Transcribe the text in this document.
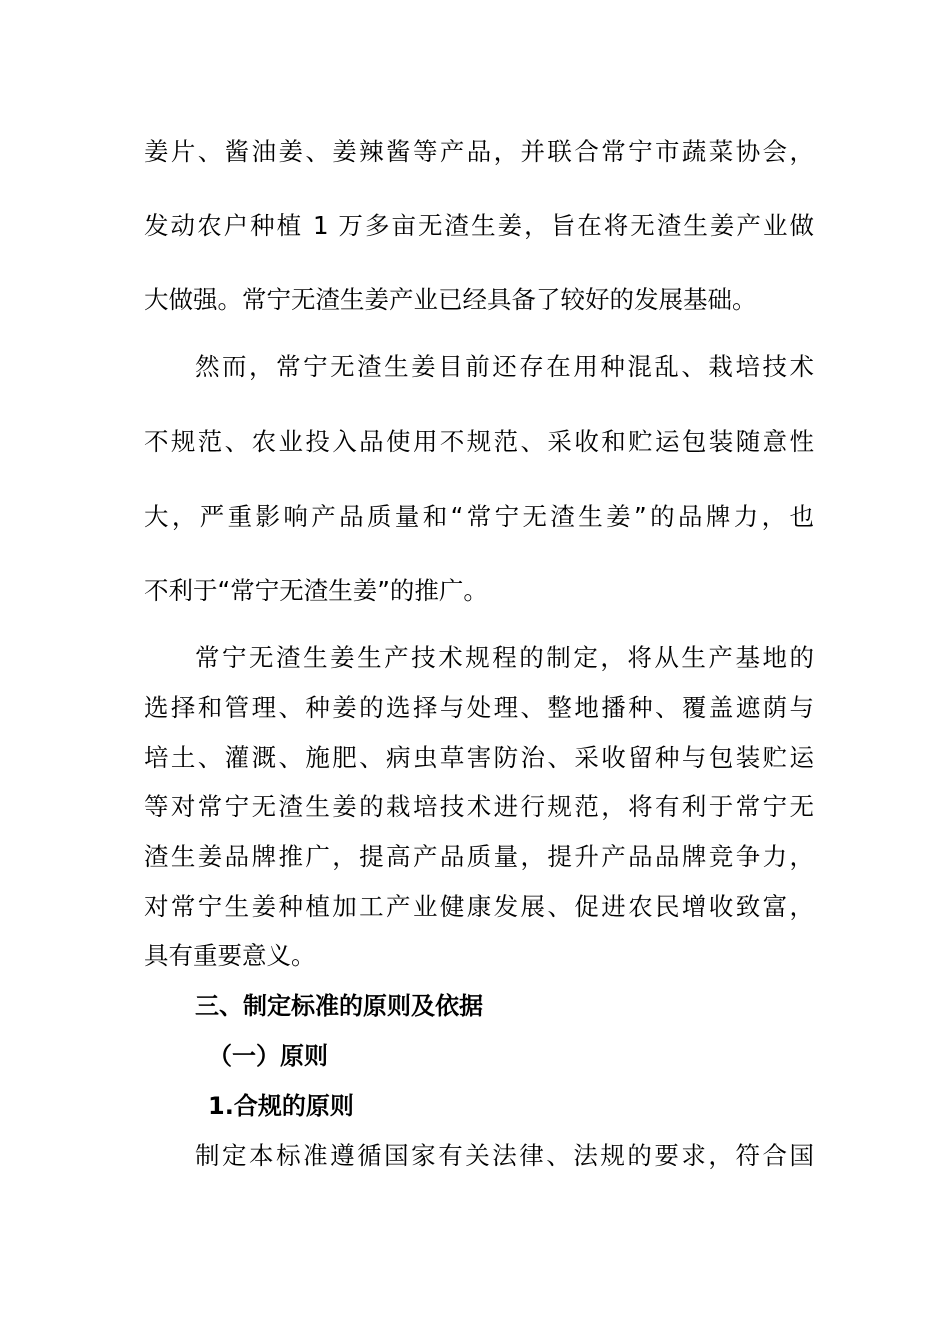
姜片、酱油姜、姜辣酱等产品，并联合常宁市蔬菜协会，
发动农户种植 1 万多亩无渣生姜，旨在将无渣生姜产业做
大做强。常宁无渣生姜产业已经具备了较好的发展基础。
然而，常宁无渣生姜目前还存在用种混乱、栽培技术
不规范、农业投入品使用不规范、采收和贮运包装随意性
大，严重影响产品质量和“常宁无渣生姜”的品牌力，也
不利于“常宁无渣生姜”的推广。
常宁无渣生姜生产技术规程的制定，将从生产基地的
选择和管理、种姜的选择与处理、整地播种、覆盖遮荫与
培土、灌溉、施肥、病虫草害防治、采收留种与包装贮运
等对常宁无渣生姜的栽培技术进行规范，将有利于常宁无
渣生姜品牌推广，提高产品质量，提升产品品牌竞争力，
对常宁生姜种植加工产业健康发展、促进农民增收致富，
具有重要意义。
三、制定标准的原则及依据
（一）原则
1.合规的原则
制定本标准遵循国家有关法律、法规的要求，符合国
